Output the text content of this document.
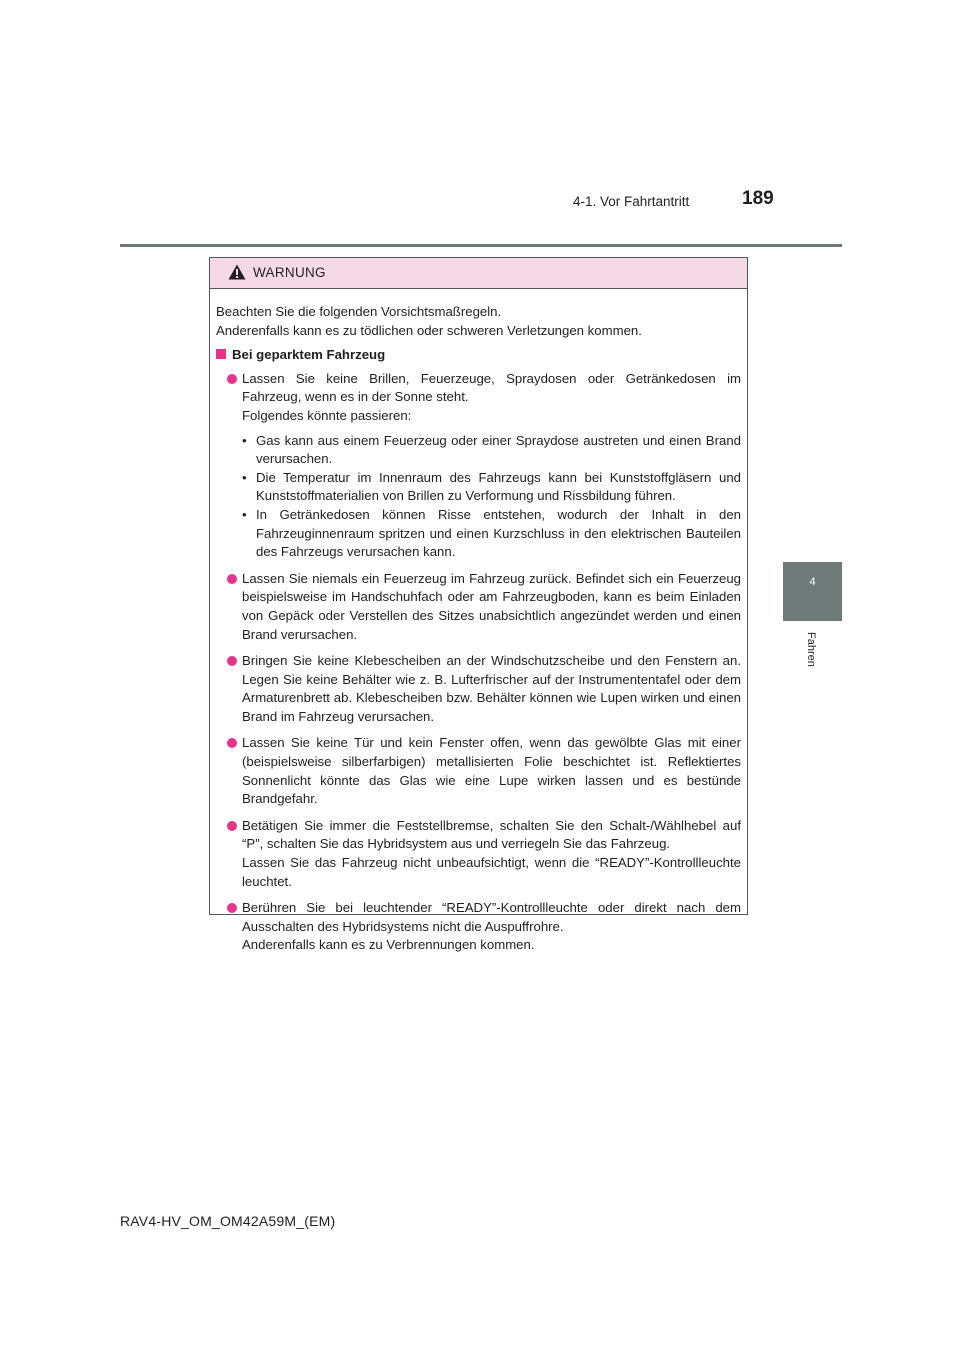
4-1. Vor Fahrtantritt	189
4
Fahren
WARNUNG

Beachten Sie die folgenden Vorsichtsmaßregeln.

Anderenfalls kann es zu tödlichen oder schweren Verletzungen kommen.

Bei geparktem Fahrzeug

Lassen Sie keine Brillen, Feuerzeuge, Spraydosen oder Getränkedosen im Fahrzeug, wenn es in der Sonne steht.

Folgendes könnte passieren:

• Gas kann aus einem Feuerzeug oder einer Spraydose austreten und einen Brand verursachen.
• Die Temperatur im Innenraum des Fahrzeugs kann bei Kunststoffgläsern und Kunststoffmaterialien von Brillen zu Verformung und Rissbildung führen.
• In Getränkedosen können Risse entstehen, wodurch der Inhalt in den Fahrzeuginnenraum spritzen und einen Kurzschluss in den elektrischen Bauteilen des Fahrzeugs verursachen kann.

Lassen Sie niemals ein Feuerzeug im Fahrzeug zurück. Befindet sich ein Feuerzeug beispielsweise im Handschuhfach oder am Fahrzeugboden, kann es beim Einladen von Gepäck oder Verstellen des Sitzes unabsichtlich angezündet werden und einen Brand verursachen.

Bringen Sie keine Klebescheiben an der Windschutzscheibe und den Fenstern an. Legen Sie keine Behälter wie z. B. Lufterfrischer auf der Instrumententafel oder dem Armaturenbrett ab. Klebescheiben bzw. Behälter können wie Lupen wirken und einen Brand im Fahrzeug verursachen.

Lassen Sie keine Tür und kein Fenster offen, wenn das gewölbte Glas mit einer (beispielsweise silberfarbigen) metallisierten Folie beschichtet ist. Reflektiertes Sonnenlicht könnte das Glas wie eine Lupe wirken lassen und es bestünde Brandgefahr.

Betätigen Sie immer die Feststellbremse, schalten Sie den Schalt-/Wählhebel auf “P”, schalten Sie das Hybridsystem aus und verriegeln Sie das Fahrzeug.

Lassen Sie das Fahrzeug nicht unbeaufsichtigt, wenn die “READY”-Kontrollleuchte leuchtet.

Berühren Sie bei leuchtender “READY”-Kontrollleuchte oder direkt nach dem Ausschalten des Hybridsystems nicht die Auspuffrohre.

Anderenfalls kann es zu Verbrennungen kommen.

RAV4-HV_OM_OM42A59M_(EM)
